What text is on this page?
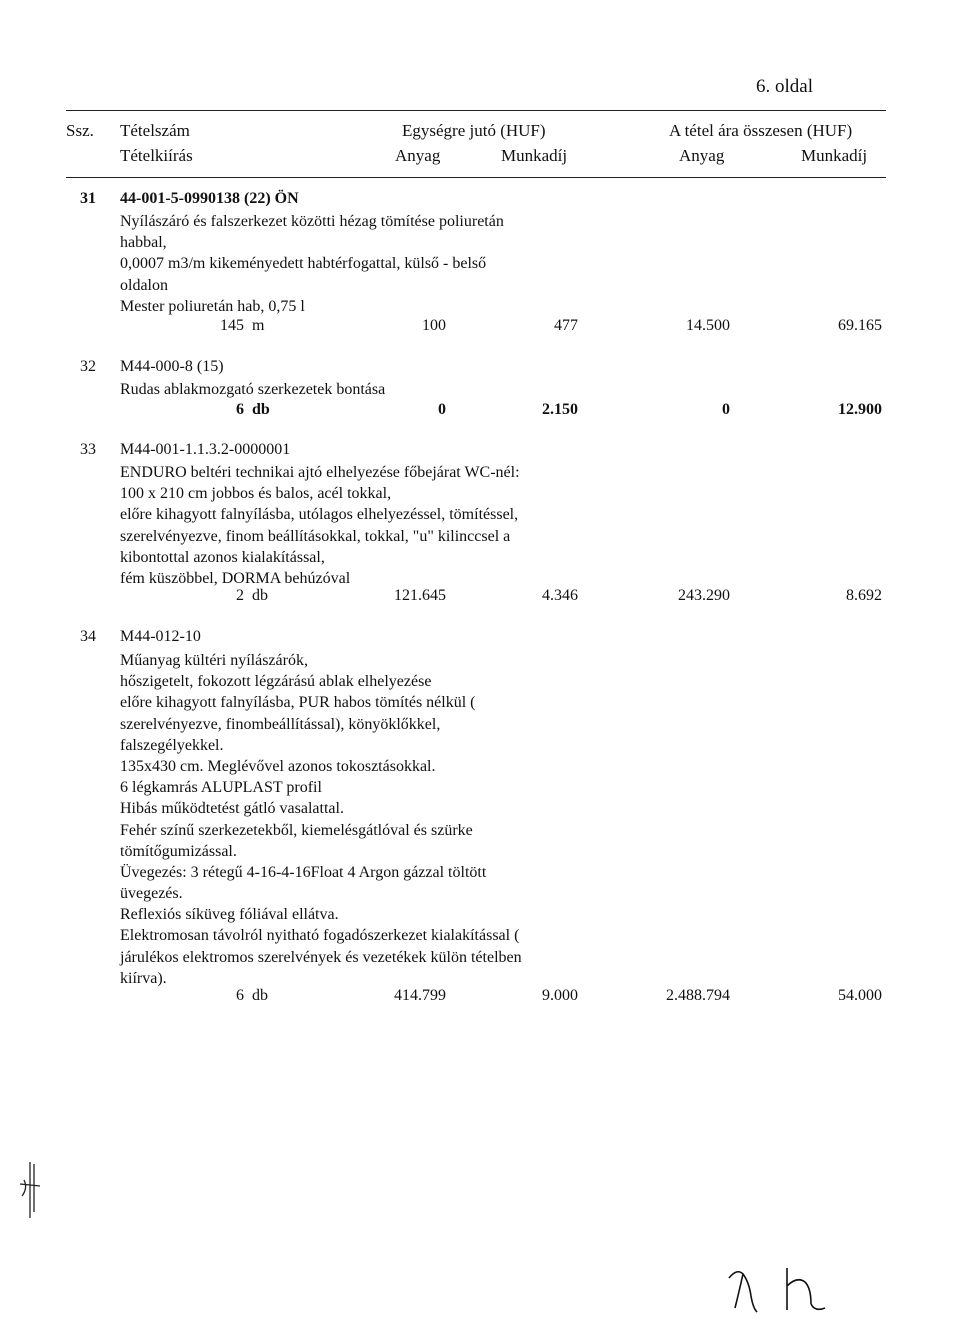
6. oldal
Ssz. Tételszám
Tételkiírás
Egységre jutó (HUF)	A tétel ára összesen (HUF)
Anyag	Munkadíj	Anyag	Munkadíj
31 44-001-5-0990138 (22) ÖN
Nyílászáró és falszerkezet közötti hézag tömítése poliuretán
habbal,
0,0007 m3/m kikeményedett habtérfogattal, külső - belső
oldalon
Mester poliuretán hab, 0,75 l
145 m	100	477	14.500	69.165
32 M44-000-8 (15)
Rudas ablakmozgató szerkezetek bontása
6 db	0	2.150	0	12.900
33 M44-001-1.1.3.2-0000001
ENDURO beltéri technikai ajtó elhelyezése főbejárat WC-nél:
100 x 210 cm jobbos és balos, acél tokkal,
előre kihagyott falnyílásba, utólagos elhelyezéssel, tömítéssel,
szerelvényezve, finom beállításokkal, tokkal, "u" kilinccsel a
kibontottal azonos kialakítással,
fém küszöbbel, DORMA behúzóval
2 db	121.645	4.346	243.290	8.692
34 M44-012-10
Műanyag kültéri nyílászárók,
hőszigetelt, fokozott légzárású ablak elhelyezése
előre kihagyott falnyílásba, PUR habos tömítés nélkül (
szerelvényezve, finombeállítással), könyöklőkkel,
falszegélyekkel.
135x430 cm. Meglévővel azonos tokosztásokkal.
6 légkamrás ALUPLAST profil
Hibás működtetést gátló vasalattal.
Fehér színű szerkezetekből, kiemelésgátlóval és szürke
tömítőgumizással.
Üvegezés: 3 rétegű 4-16-4-16Float 4 Argon gázzal töltött
üvegezés.
Reflexiós síküveg fóliával ellátva.
Elektromosan távolról nyitható fogadószerkezet kialakítással (
járulékos elektromos szerelvények és vezetékek külön tételben
kiírva).
6 db	414.799	9.000	2.488.794	54.000
